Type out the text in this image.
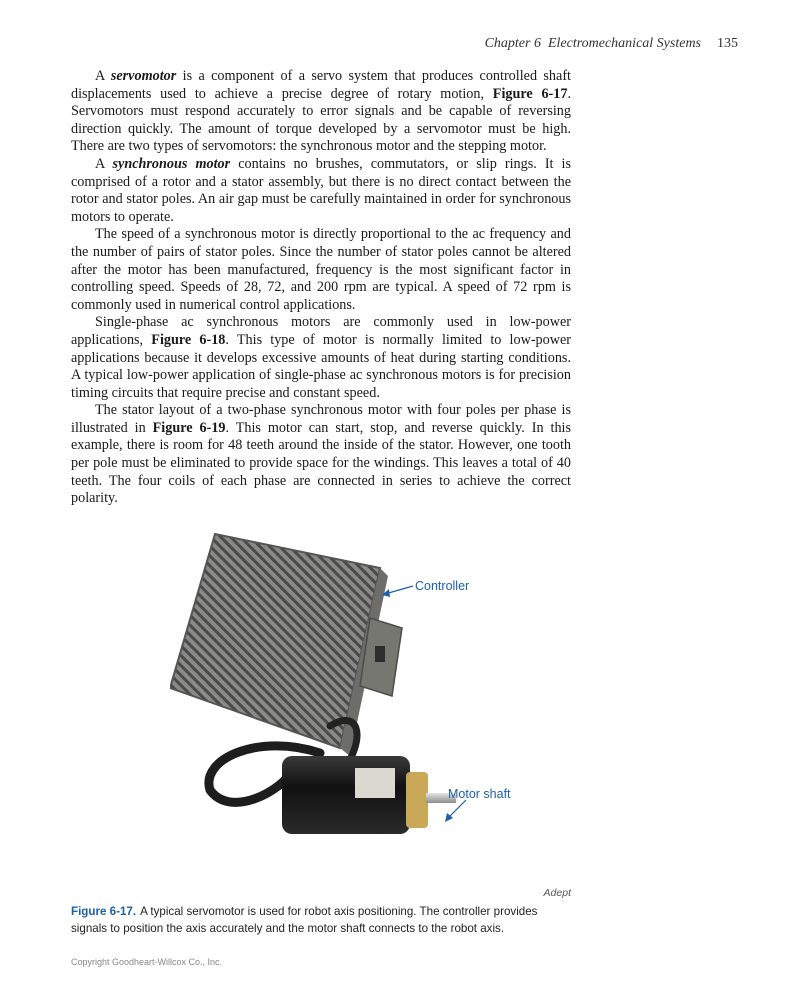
Chapter 6 Electromechanical Systems 135

A servomotor is a component of a servo system that produces controlled shaft displacements used to achieve a precise degree of rotary motion, Figure 6-17. Servomotors must respond accurately to error signals and be capable of reversing direction quickly. The amount of torque developed by a servomotor must be high. There are two types of servomotors: the synchronous motor and the stepping motor.

A synchronous motor contains no brushes, commutators, or slip rings. It is comprised of a rotor and a stator assembly, but there is no direct contact between the rotor and stator poles. An air gap must be carefully maintained in order for synchronous motors to operate.

The speed of a synchronous motor is directly proportional to the ac frequency and the number of pairs of stator poles. Since the number of stator poles cannot be altered after the motor has been manufactured, frequency is the most significant factor in controlling speed. Speeds of 28, 72, and 200 rpm are typical. A speed of 72 rpm is commonly used in numerical control applications.

Single-phase ac synchronous motors are commonly used in low-power applications, Figure 6-18. This type of motor is normally limited to low-power applications because it develops excessive amounts of heat during starting conditions. A typical low-power application of single-phase ac synchronous motors is for precision timing circuits that require precise and constant speed.

The stator layout of a two-phase synchronous motor with four poles per phase is illustrated in Figure 6-19. This motor can start, stop, and reverse quickly. In this example, there is room for 48 teeth around the inside of the stator. However, one tooth per pole must be eliminated to provide space for the windings. This leaves a total of 40 teeth. The four coils of each phase are connected in series to achieve the correct polarity.

Controller
Motor shaft
Adept
Figure 6-17. A typical servomotor is used for robot axis positioning. The controller provides signals to position the axis accurately and the motor shaft connects to the robot axis.
Copyright Goodheart-Willcox Co., Inc.
